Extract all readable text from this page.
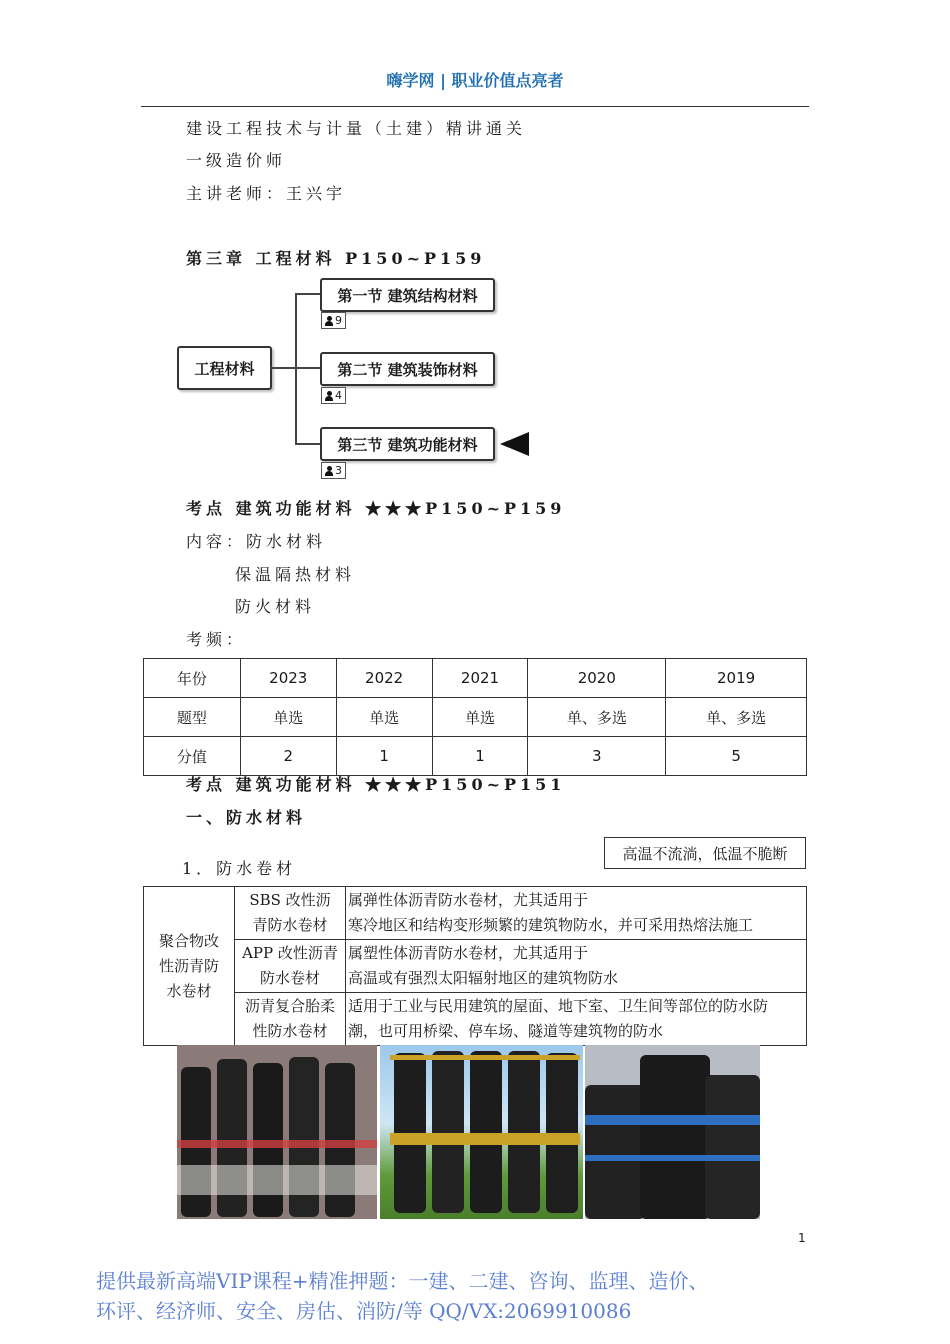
嗨学网 | 职业价值点亮者
建设工程技术与计量（土建）精讲通关
一级造价师
主讲老师：王兴宇
第三章 工程材料 P150~P159
工程材料
第一节 建筑结构材料
9
第二节 建筑装饰材料
4
第三节 建筑功能材料
3
考点 建筑功能材料 ★★★P150~P159
内容： 防水材料
保温隔热材料
防火材料
考频：
年份	2023	2022	2021	2020	2019
题型	单选	单选	单选	单、多选	单、多选
分值	2	1	1	3	5
考点 建筑功能材料 ★★★P150~P151
一、防水材料
1．防水卷材
高温不流淌，低温不脆断
聚合物改性沥青防水卷材	SBS 改性沥青防水卷材	属弹性体沥青防水卷材，尤其适用于
寒冷地区和结构变形频繁的建筑物防水，并可采用热熔法施工

	APP 改性沥青防水卷材	属塑性体沥青防水卷材，尤其适用于
高温或有强烈太阳辐射地区的建筑物防水

	沥青复合胎柔性防水卷材	适用于工业与民用建筑的屋面、地下室、卫生间等部位的防水防
潮，也可用桥梁、停车场、隧道等建筑物的防水
1
提供最新高端VIP课程+精准押题：一建、二建、咨询、监理、造价、
环评、经济师、安全、房估、消防/等 QQ/VX:2069910086
